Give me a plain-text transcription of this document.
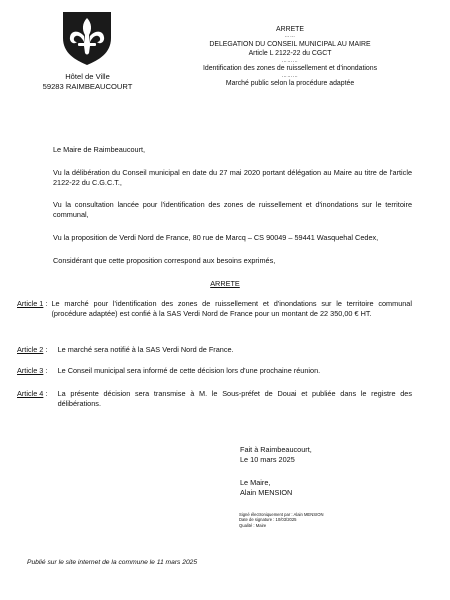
Hôtel de Ville
59283 RAIMBEAUCOURT
ARRETE
……
DELEGATION DU CONSEIL MUNICIPAL AU MAIRE
Article L 2122-22 du CGCT
………
Identification des zones de ruissellement et d'inondations
………
Marché public selon la procédure adaptée
Le Maire de Raimbeaucourt,
Vu la délibération du Conseil municipal en date du 27 mai 2020 portant délégation au Maire au titre de l'article 2122-22 du C.G.C.T.,
Vu la consultation lancée pour l'identification des zones de ruissellement et d'inondations sur le territoire communal,
Vu la proposition de Verdi Nord de France, 80 rue de Marcq – CS 90049 – 59441 Wasquehal Cedex,
Considérant que cette proposition correspond aux besoins exprimés,
ARRETE
Article 1 : Le marché pour l'identification des zones de ruissellement et d'inondations sur le territoire communal (procédure adaptée) est confié à la SAS Verdi Nord de France pour un montant de 22 350,00 € HT.
Article 2 : Le marché sera notifié à la SAS Verdi Nord de France.
Article 3 : Le Conseil municipal sera informé de cette décision lors d'une prochaine réunion.
Article 4 : La présente décision sera transmise à M. le Sous-préfet de Douai et publiée dans le registre des délibérations.
Fait à Raimbeaucourt,
Le 10 mars 2025
Le Maire,
Alain MENSION
Signé électroniquement par : Alain MENSION
Date de signature : 10/03/2025
Qualité : Maire
Publié sur le site internet de la commune le 11 mars 2025
